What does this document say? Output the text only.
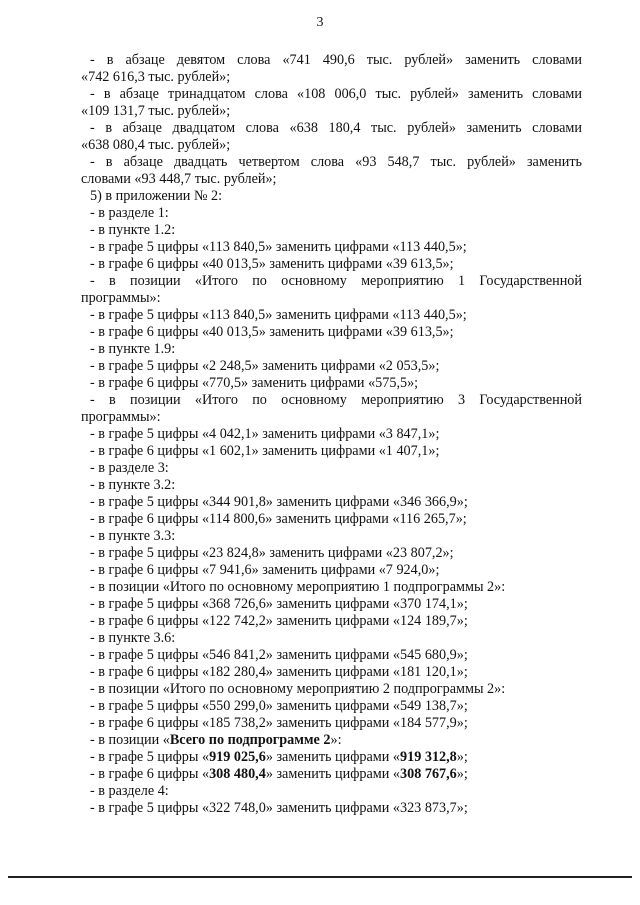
3
- в абзаце девятом слова «741 490,6 тыс. рублей» заменить словами
«742 616,3 тыс. рублей»;
- в абзаце тринадцатом слова «108 006,0 тыс. рублей» заменить словами
«109 131,7 тыс. рублей»;
- в абзаце двадцатом слова «638 180,4 тыс. рублей» заменить словами
«638 080,4 тыс. рублей»;
- в абзаце двадцать четвертом слова «93 548,7 тыс. рублей» заменить
словами «93 448,7 тыс. рублей»;
5) в приложении № 2:
- в разделе 1:
- в пункте 1.2:
- в графе 5 цифры «113 840,5» заменить цифрами «113 440,5»;
- в графе 6 цифры «40 013,5» заменить цифрами «39 613,5»;
- в позиции «Итого по основному мероприятию 1 Государственной
программы»:
- в графе 5 цифры «113 840,5» заменить цифрами «113 440,5»;
- в графе 6 цифры «40 013,5» заменить цифрами «39 613,5»;
- в пункте 1.9:
- в графе 5 цифры «2 248,5» заменить цифрами «2 053,5»;
- в графе 6 цифры «770,5» заменить цифрами «575,5»;
- в позиции «Итого по основному мероприятию 3 Государственной
программы»:
- в графе 5 цифры «4 042,1» заменить цифрами «3 847,1»;
- в графе 6 цифры «1 602,1» заменить цифрами «1 407,1»;
- в разделе 3:
- в пункте 3.2:
- в графе 5 цифры «344 901,8» заменить цифрами «346 366,9»;
- в графе 6 цифры «114 800,6» заменить цифрами «116 265,7»;
- в пункте 3.3:
- в графе 5 цифры «23 824,8» заменить цифрами «23 807,2»;
- в графе 6 цифры «7 941,6» заменить цифрами «7 924,0»;
- в позиции «Итого по основному мероприятию 1 подпрограммы 2»:
- в графе 5 цифры «368 726,6» заменить цифрами «370 174,1»;
- в графе 6 цифры «122 742,2» заменить цифрами «124 189,7»;
- в пункте 3.6:
- в графе 5 цифры «546 841,2» заменить цифрами «545 680,9»;
- в графе 6 цифры «182 280,4» заменить цифрами «181 120,1»;
- в позиции «Итого по основному мероприятию 2 подпрограммы 2»:
- в графе 5 цифры «550 299,0» заменить цифрами «549 138,7»;
- в графе 6 цифры «185 738,2» заменить цифрами «184 577,9»;
- в позиции «Всего по подпрограмме 2»:
- в графе 5 цифры «919 025,6» заменить цифрами «919 312,8»;
- в графе 6 цифры «308 480,4» заменить цифрами «308 767,6»;
- в разделе 4:
- в графе 5 цифры «322 748,0» заменить цифрами «323 873,7»;
